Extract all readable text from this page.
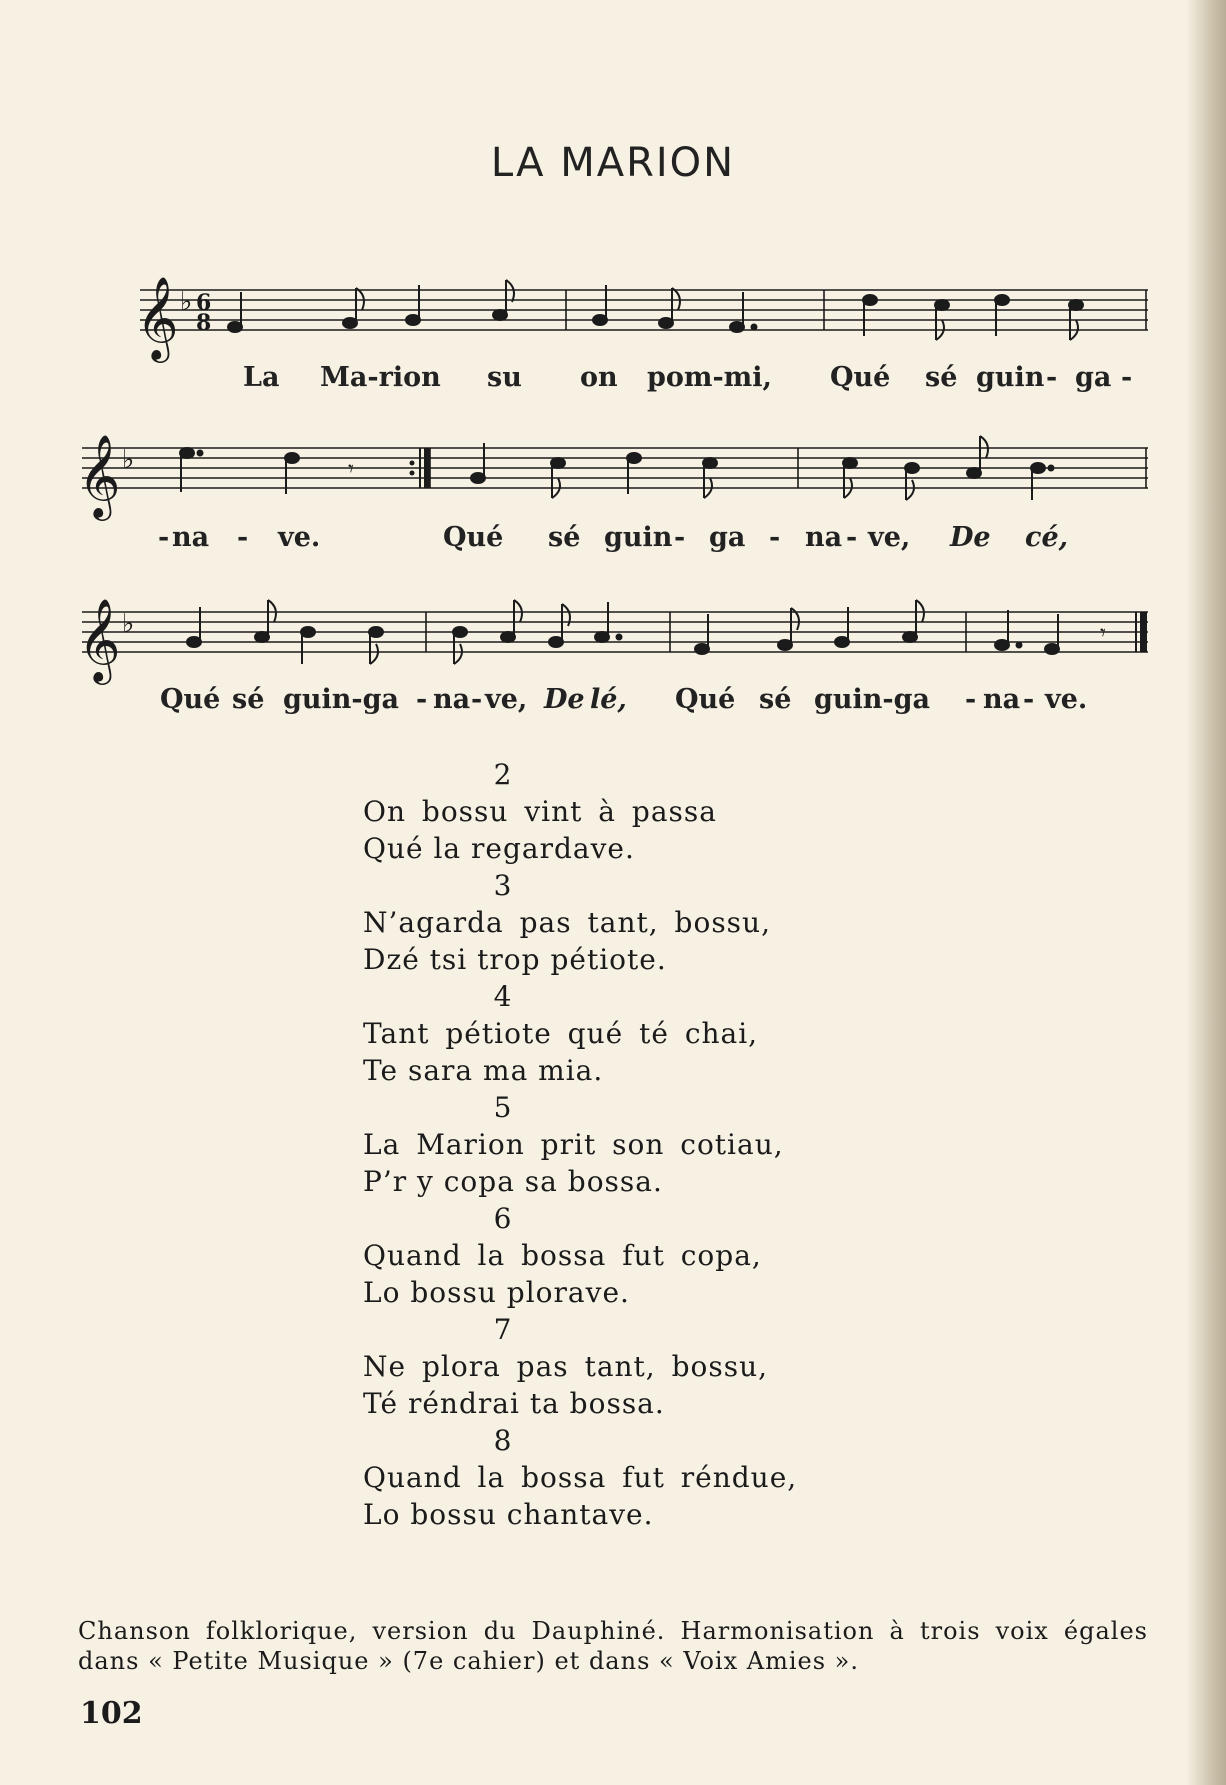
LA MARION
𝄞 ♭ 6
8
La Ma-rion su on pom-mi, Qué sé guin - ga -
𝄞 ♭	𝄾
- na - ve.	Qué sé guin - ga - na - ve, De cé,
𝄞 ♭	𝄾
Qué sé guin-ga - na - ve, De lé, Qué sé guin-ga - na - ve.
2
On bossu vint à passa
Qué la regardave.
3
N’agarda pas tant, bossu,
Dzé tsi trop pétiote.
4
Tant pétiote qué té chai,
Te sara ma mia.
5
La Marion prit son cotiau,
P’r y copa sa bossa.
6
Quand la bossa fut copa,
Lo bossu plorave.
7
Ne plora pas tant, bossu,
Té réndrai ta bossa.
8
Quand la bossa fut réndue,
Lo bossu chantave.
Chanson folklorique, version du Dauphiné. Harmonisation à trois voix égales dans « Petite Musique » (7e cahier) et dans « Voix Amies ».
102
